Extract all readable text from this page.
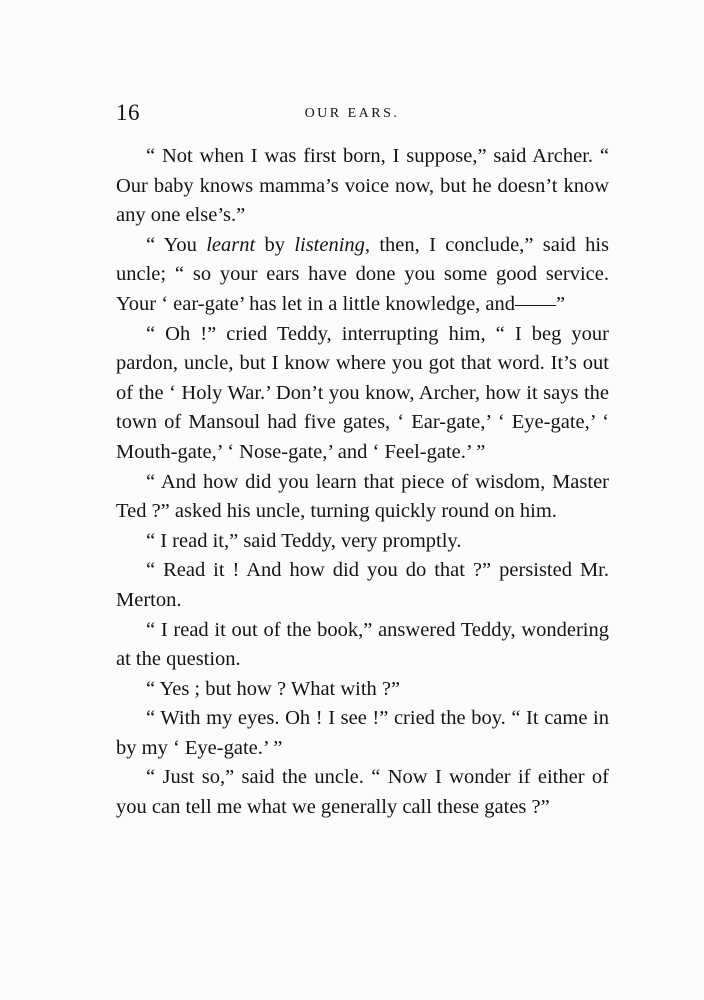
16	OUR EARS.

“ Not when I was first born, I suppose,” said Archer. “ Our baby knows mamma’s voice now, but he doesn’t know any one else’s.”

“ You learnt by listening, then, I conclude,” said his uncle; “ so your ears have done you some good service. Your ‘ ear-gate’ has let in a little knowledge, and——”

“ Oh !” cried Teddy, interrupting him, “ I beg your pardon, uncle, but I know where you got that word. It’s out of the ‘ Holy War.’ Don’t you know, Archer, how it says the town of Mansoul had five gates, ‘ Ear-gate,’ ‘ Eye-gate,’ ‘ Mouth-gate,’ ‘ Nose-gate,’ and ‘ Feel-gate.’ ”

“ And how did you learn that piece of wisdom, Master Ted ?” asked his uncle, turning quickly round on him.

“ I read it,” said Teddy, very promptly.

“ Read it ! And how did you do that ?” persisted Mr. Merton.

“ I read it out of the book,” answered Teddy, wondering at the question.

“ Yes ; but how ? What with ?”

“ With my eyes. Oh ! I see !” cried the boy. “ It came in by my ‘ Eye-gate.’ ”

“ Just so,” said the uncle. “ Now I wonder if either of you can tell me what we generally call these gates ?”
